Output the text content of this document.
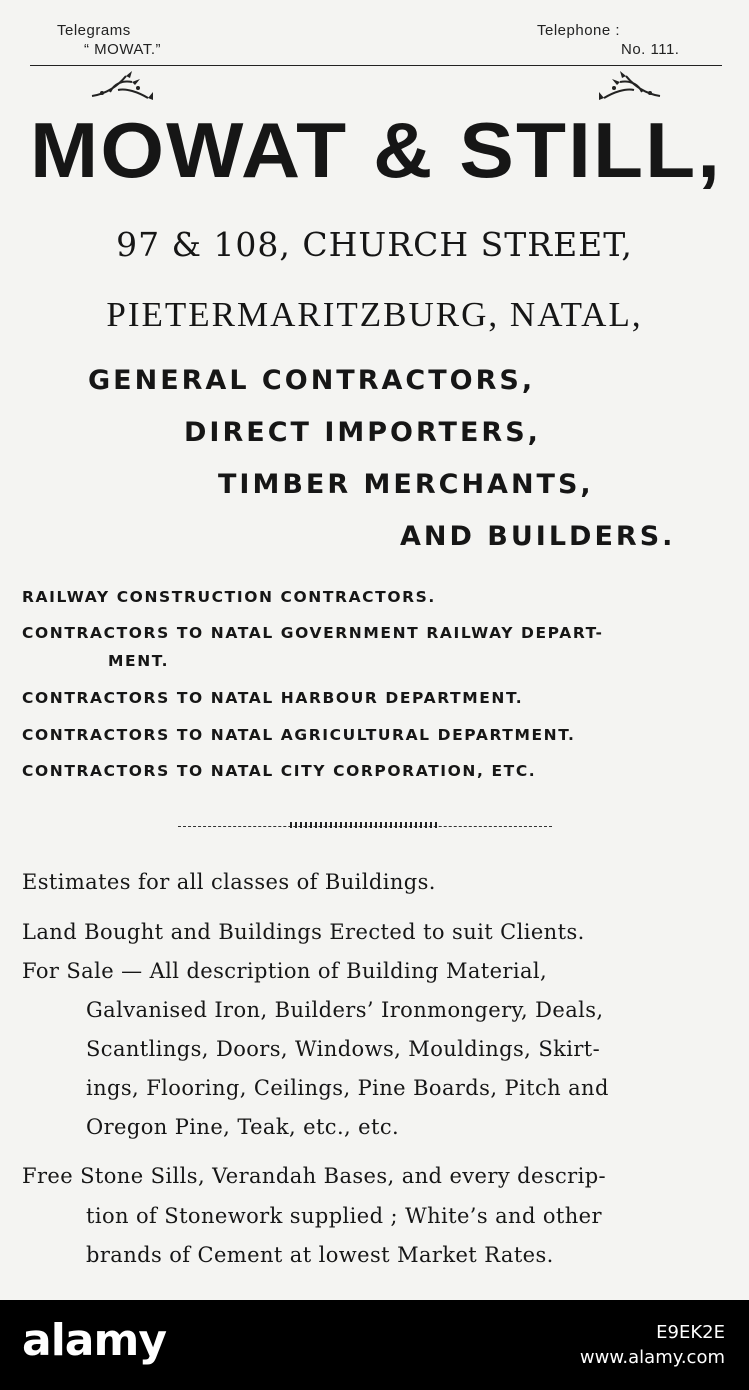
Telegrams
“ MOWAT.”
Telephone :
No. 111.
MOWAT & STILL,
97 & 108, CHURCH STREET,
PIETERMARITZBURG, NATAL,
GENERAL CONTRACTORS,
DIRECT IMPORTERS,
TIMBER MERCHANTS,
AND BUILDERS.
RAILWAY CONSTRUCTION CONTRACTORS.
CONTRACTORS TO NATAL GOVERNMENT RAILWAY DEPART-
MENT.
CONTRACTORS TO NATAL HARBOUR DEPARTMENT.
CONTRACTORS TO NATAL AGRICULTURAL DEPARTMENT.
CONTRACTORS TO NATAL CITY CORPORATION, ETC.
Estimates for all classes of Buildings.
Land Bought and Buildings Erected to suit Clients.
For Sale — All description of Building Material,
Galvanised Iron, Builders’ Ironmongery, Deals,
Scantlings, Doors, Windows, Mouldings, Skirt-
ings, Flooring, Ceilings, Pine Boards, Pitch and
Oregon Pine, Teak, etc., etc.
Free Stone Sills, Verandah Bases, and every descrip-
tion of Stonework supplied ; White’s and other
brands of Cement at lowest Market Rates.
alamy	E9EK2E
www.alamy.com
